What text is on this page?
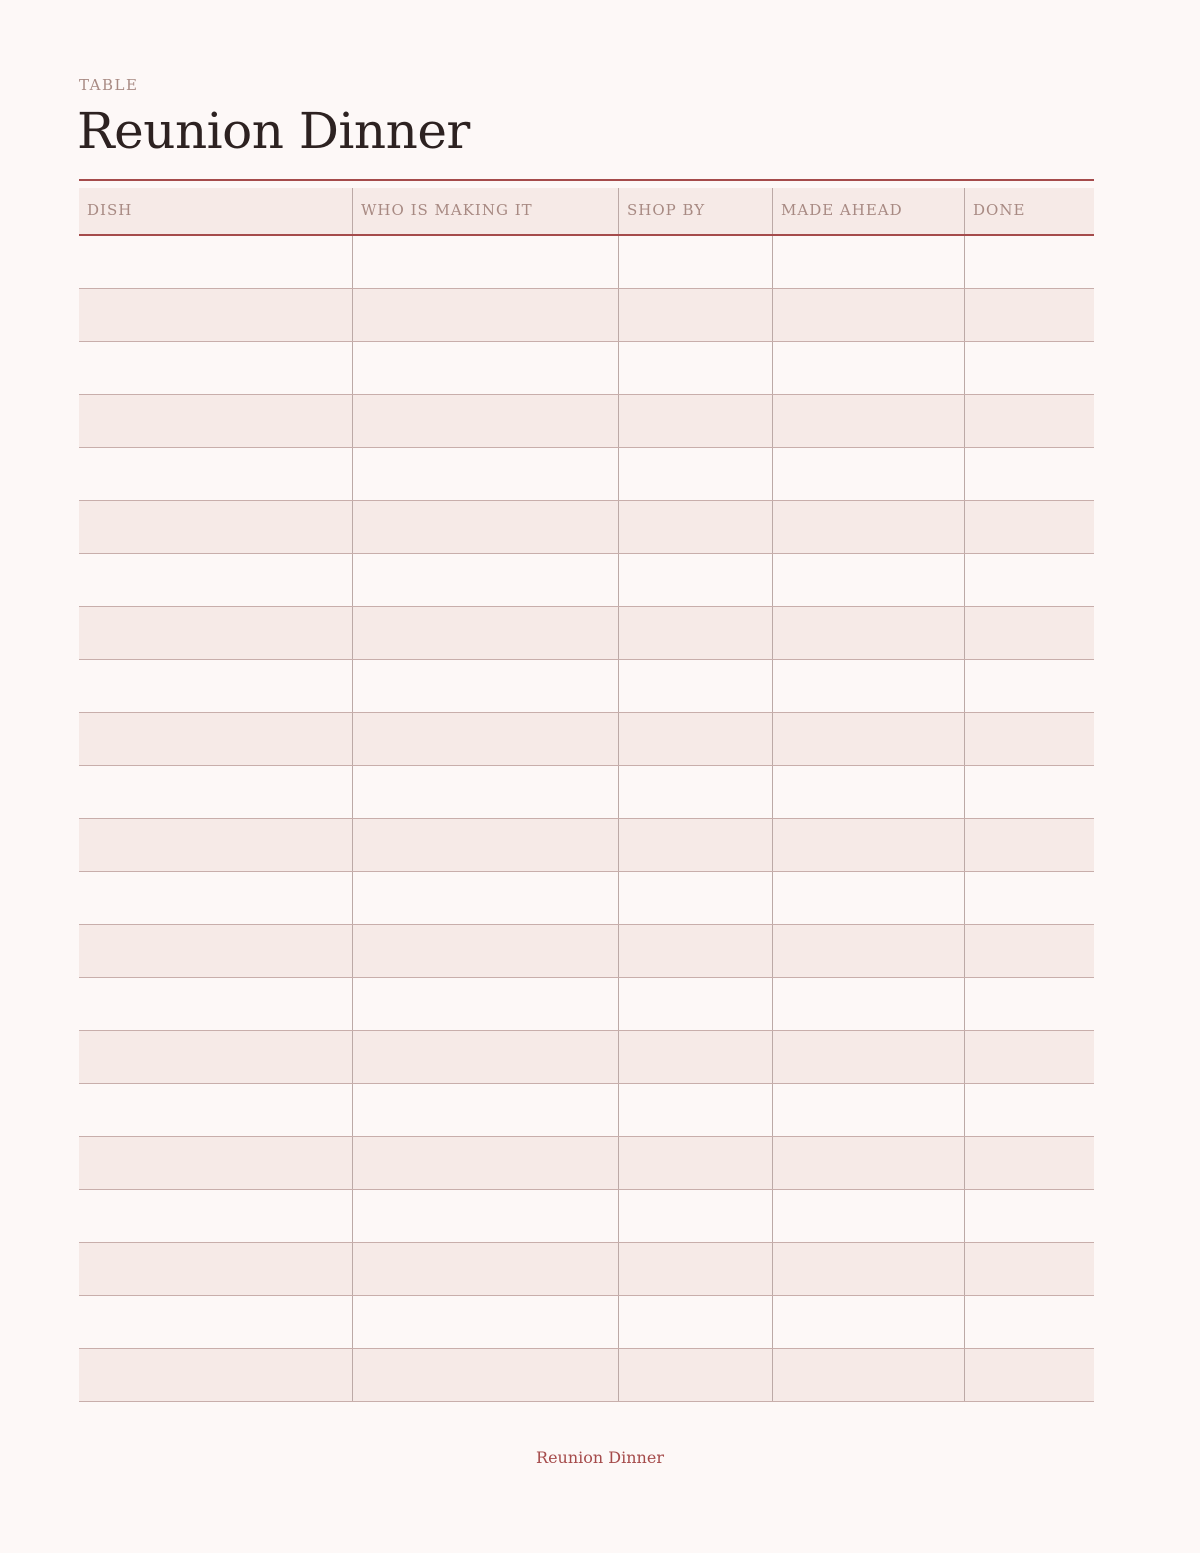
TABLE
Reunion Dinner
DISH	WHO IS MAKING IT	SHOP BY	MADE AHEAD	DONE
Reunion Dinner
